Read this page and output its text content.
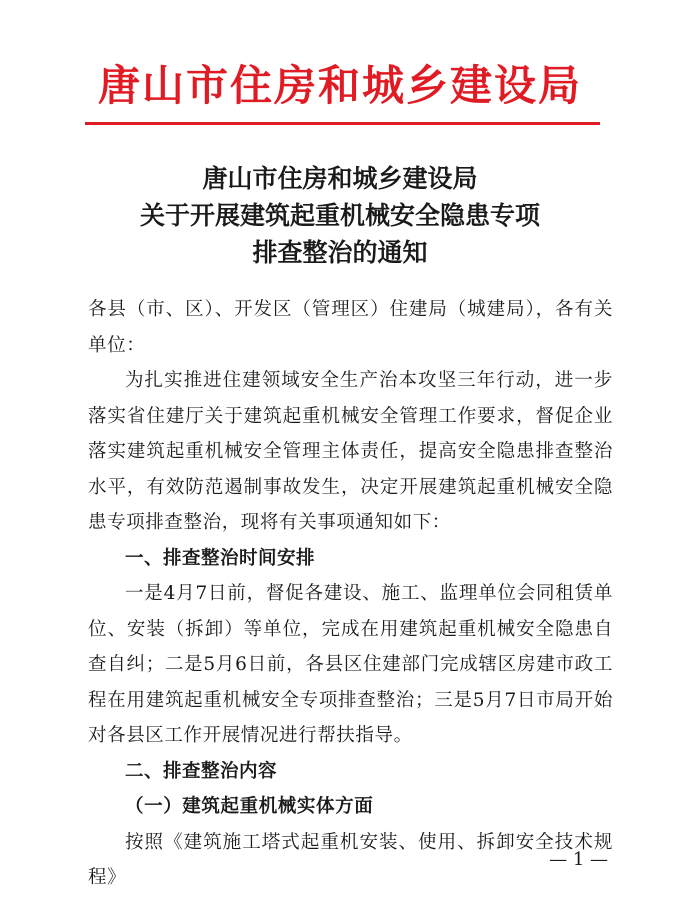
唐山市住房和城乡建设局
唐山市住房和城乡建设局
关于开展建筑起重机械安全隐患专项
排查整治的通知

各县（市、区）、开发区（管理区）住建局（城建局），各有关单位：

为扎实推进住建领域安全生产治本攻坚三年行动，进一步落实省住建厅关于建筑起重机械安全管理工作要求，督促企业落实建筑起重机械安全管理主体责任，提高安全隐患排查整治水平，有效防范遏制事故发生，决定开展建筑起重机械安全隐患专项排查整治，现将有关事项通知如下：

一、排查整治时间安排

一是4月7日前，督促各建设、施工、监理单位会同租赁单位、安装（拆卸）等单位，完成在用建筑起重机械安全隐患自查自纠；二是5月6日前，各县区住建部门完成辖区房建市政工程在用建筑起重机械安全专项排查整治；三是5月7日市局开始对各县区工作开展情况进行帮扶指导。

二、排查整治内容

（一）建筑起重机械实体方面

按照《建筑施工塔式起重机安装、使用、拆卸安全技术规程》

— 1 —
